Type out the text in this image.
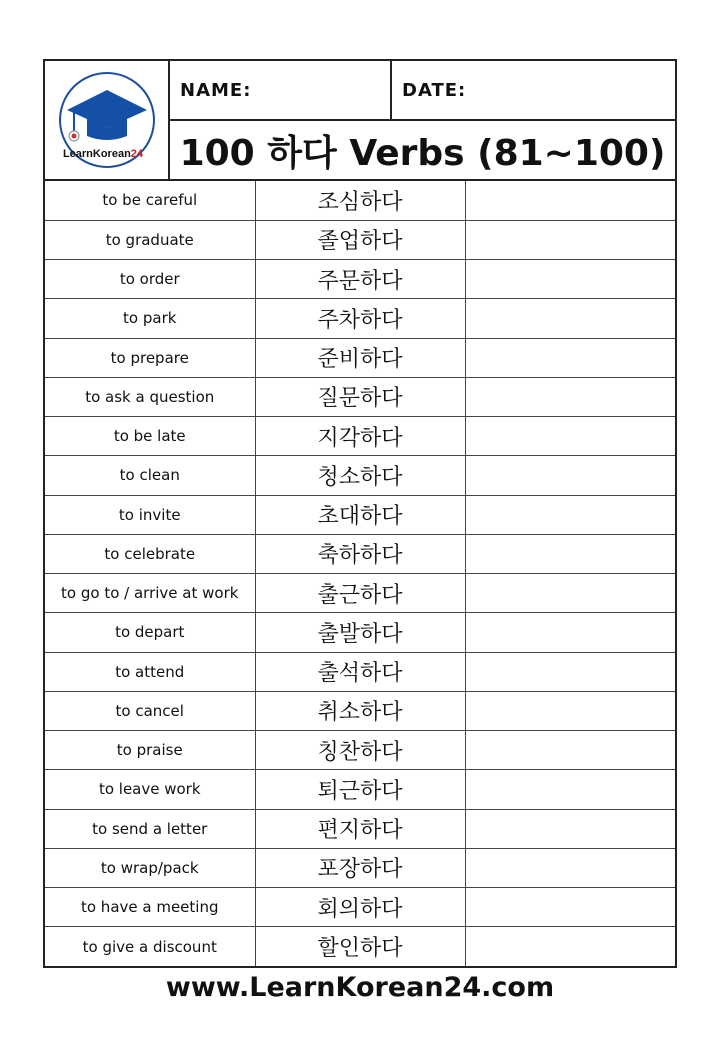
LearnKorean24
NAME:	DATE:
100 하다 Verbs (81~100)
to be careful	조심하다	
to graduate	졸업하다	
to order	주문하다	
to park	주차하다	
to prepare	준비하다	
to ask a question	질문하다	
to be late	지각하다	
to clean	청소하다	
to invite	초대하다	
to celebrate	축하하다	
to go to / arrive at work	출근하다	
to depart	출발하다	
to attend	출석하다	
to cancel	취소하다	
to praise	칭찬하다	
to leave work	퇴근하다	
to send a letter	편지하다	
to wrap/pack	포장하다	
to have a meeting	회의하다	
to give a discount	할인하다	
www.LearnKorean24.com
